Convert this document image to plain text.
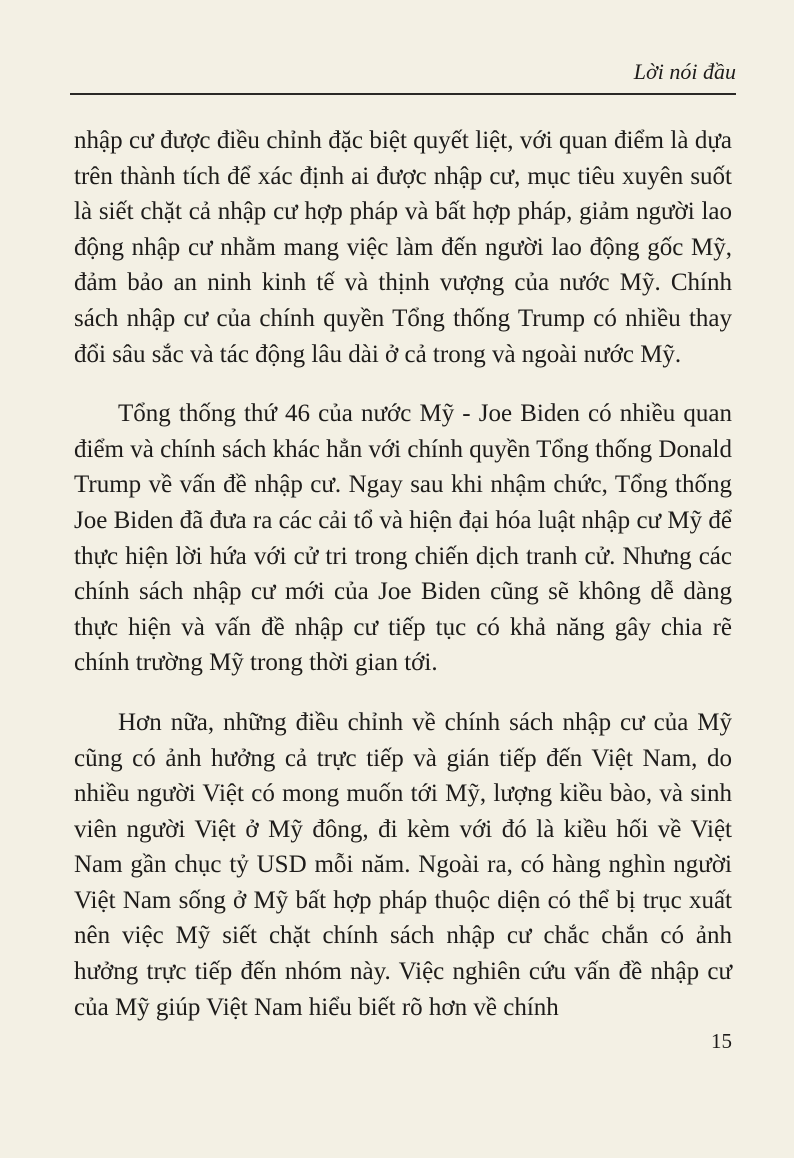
Lời nói đầu

nhập cư được điều chỉnh đặc biệt quyết liệt, với quan điểm là dựa trên thành tích để xác định ai được nhập cư, mục tiêu xuyên suốt là siết chặt cả nhập cư hợp pháp và bất hợp pháp, giảm người lao động nhập cư nhằm mang việc làm đến người lao động gốc Mỹ, đảm bảo an ninh kinh tế và thịnh vượng của nước Mỹ. Chính sách nhập cư của chính quyền Tổng thống Trump có nhiều thay đổi sâu sắc và tác động lâu dài ở cả trong và ngoài nước Mỹ.

Tổng thống thứ 46 của nước Mỹ - Joe Biden có nhiều quan điểm và chính sách khác hẳn với chính quyền Tổng thống Donald Trump về vấn đề nhập cư. Ngay sau khi nhậm chức, Tổng thống Joe Biden đã đưa ra các cải tổ và hiện đại hóa luật nhập cư Mỹ để thực hiện lời hứa với cử tri trong chiến dịch tranh cử. Nhưng các chính sách nhập cư mới của Joe Biden cũng sẽ không dễ dàng thực hiện và vấn đề nhập cư tiếp tục có khả năng gây chia rẽ chính trường Mỹ trong thời gian tới.

Hơn nữa, những điều chỉnh về chính sách nhập cư của Mỹ cũng có ảnh hưởng cả trực tiếp và gián tiếp đến Việt Nam, do nhiều người Việt có mong muốn tới Mỹ, lượng kiều bào, và sinh viên người Việt ở Mỹ đông, đi kèm với đó là kiều hối về Việt Nam gần chục tỷ USD mỗi năm. Ngoài ra, có hàng nghìn người Việt Nam sống ở Mỹ bất hợp pháp thuộc diện có thể bị trục xuất nên việc Mỹ siết chặt chính sách nhập cư chắc chắn có ảnh hưởng trực tiếp đến nhóm này. Việc nghiên cứu vấn đề nhập cư của Mỹ giúp Việt Nam hiểu biết rõ hơn về chính

15
